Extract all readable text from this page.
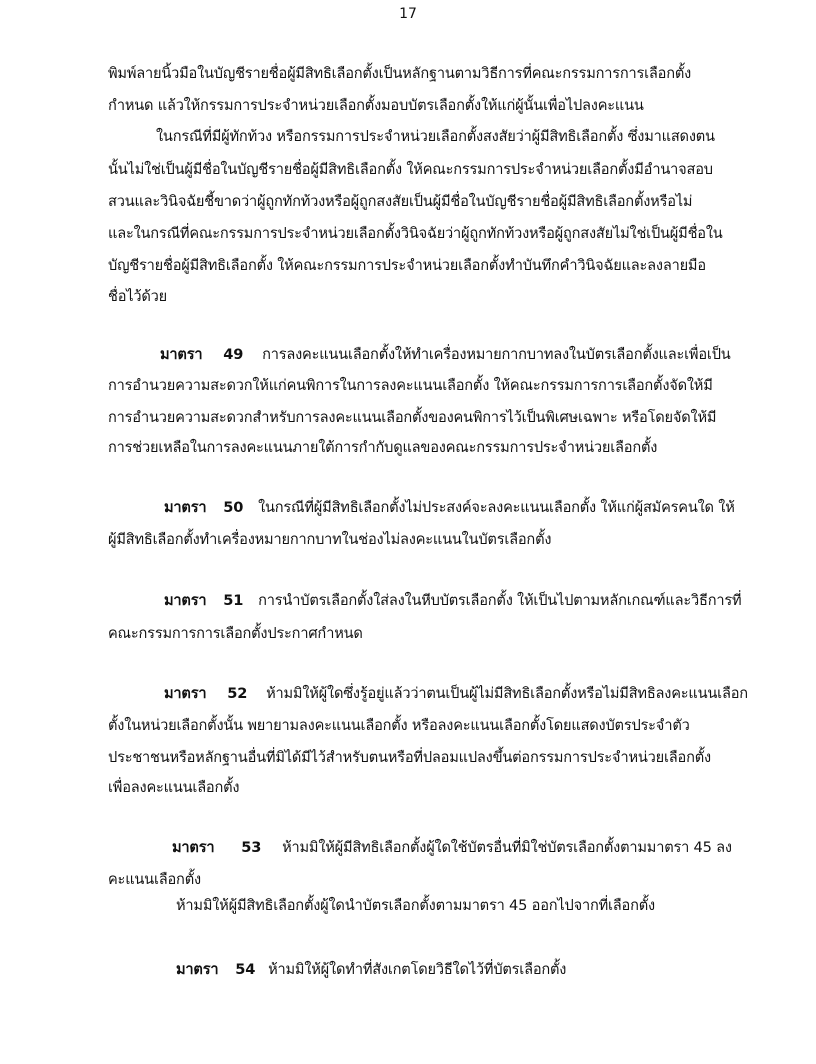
17
พิมพ์ลายนิ้วมือในบัญชีรายชื่อผู้มีสิทธิเลือกตั้งเป็นหลักฐานตามวิธีการที่คณะกรรมการการเลือกตั้ง
กำหนด แล้วให้กรรมการประจำหน่วยเลือกตั้งมอบบัตรเลือกตั้งให้แก่ผู้นั้นเพื่อไปลงคะแนน
ในกรณีที่มีผู้ทักท้วง หรือกรรมการประจำหน่วยเลือกตั้งสงสัยว่าผู้มีสิทธิเลือกตั้ง ซึ่งมาแสดงตน
นั้นไม่ใช่เป็นผู้มีชื่อในบัญชีรายชื่อผู้มีสิทธิเลือกตั้ง ให้คณะกรรมการประจำหน่วยเลือกตั้งมีอำนาจสอบ
สวนและวินิจฉัยชี้ขาดว่าผู้ถูกทักท้วงหรือผู้ถูกสงสัยเป็นผู้มีชื่อในบัญชีรายชื่อผู้มีสิทธิเลือกตั้งหรือไม่
และในกรณีที่คณะกรรมการประจำหน่วยเลือกตั้งวินิจฉัยว่าผู้ถูกทักท้วงหรือผู้ถูกสงสัยไม่ใช่เป็นผู้มีชื่อใน
บัญชีรายชื่อผู้มีสิทธิเลือกตั้ง ให้คณะกรรมการประจำหน่วยเลือกตั้งทำบันทึกคำวินิจฉัยและลงลายมือ
ชื่อไว้ด้วย
มาตรา 49 การลงคะแนนเลือกตั้งให้ทำเครื่องหมายกากบาทลงในบัตรเลือกตั้งและเพื่อเป็น
การอำนวยความสะดวกให้แก่คนพิการในการลงคะแนนเลือกตั้ง ให้คณะกรรมการการเลือกตั้งจัดให้มี
การอำนวยความสะดวกสำหรับการลงคะแนนเลือกตั้งของคนพิการไว้เป็นพิเศษเฉพาะ หรือโดยจัดให้มี
การช่วยเหลือในการลงคะแนนภายใต้การกำกับดูแลของคณะกรรมการประจำหน่วยเลือกตั้ง
มาตรา 50 ในกรณีที่ผู้มีสิทธิเลือกตั้งไม่ประสงค์จะลงคะแนนเลือกตั้ง ให้แก่ผู้สมัครคนใด ให้
ผู้มีสิทธิเลือกตั้งทำเครื่องหมายกากบาทในช่องไม่ลงคะแนนในบัตรเลือกตั้ง
มาตรา 51 การนำบัตรเลือกตั้งใส่ลงในหีบบัตรเลือกตั้ง ให้เป็นไปตามหลักเกณฑ์และวิธีการที่
คณะกรรมการการเลือกตั้งประกาศกำหนด
มาตรา 52 ห้ามมิให้ผู้ใดซึ่งรู้อยู่แล้วว่าตนเป็นผู้ไม่มีสิทธิเลือกตั้งหรือไม่มีสิทธิลงคะแนนเลือก
ตั้งในหน่วยเลือกตั้งนั้น พยายามลงคะแนนเลือกตั้ง หรือลงคะแนนเลือกตั้งโดยแสดงบัตรประจำตัว
ประชาชนหรือหลักฐานอื่นที่มิได้มีไว้สำหรับตนหรือที่ปลอมแปลงขึ้นต่อกรรมการประจำหน่วยเลือกตั้ง
เพื่อลงคะแนนเลือกตั้ง
มาตรา 53 ห้ามมิให้ผู้มีสิทธิเลือกตั้งผู้ใดใช้บัตรอื่นที่มิใช่บัตรเลือกตั้งตามมาตรา 45 ลง
คะแนนเลือกตั้ง
ห้ามมิให้ผู้มีสิทธิเลือกตั้งผู้ใดนำบัตรเลือกตั้งตามมาตรา 45 ออกไปจากที่เลือกตั้ง
มาตรา 54 ห้ามมิให้ผู้ใดทำที่สังเกตโดยวิธีใดไว้ที่บัตรเลือกตั้ง
